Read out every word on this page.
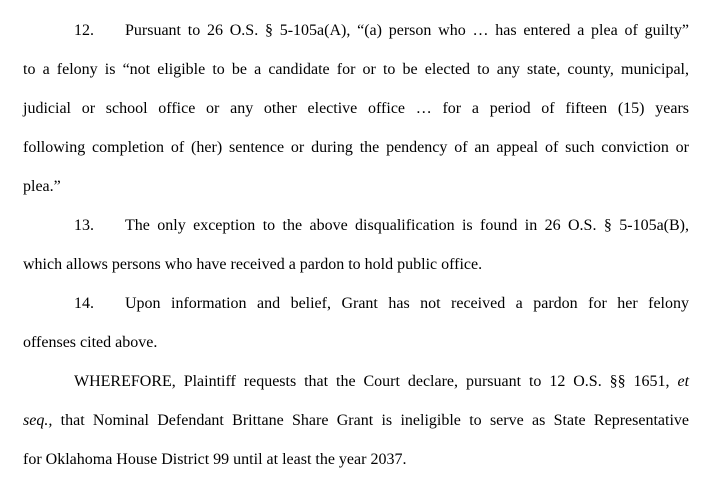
12. Pursuant to 26 O.S. § 5-105a(A), “(a) person who … has entered a plea of guilty”
to a felony is “not eligible to be a candidate for or to be elected to any state, county, municipal,
judicial or school office or any other elective office … for a period of fifteen (15) years
following completion of (her) sentence or during the pendency of an appeal of such conviction or
plea.”
13. The only exception to the above disqualification is found in 26 O.S. § 5-105a(B),
which allows persons who have received a pardon to hold public office.
14. Upon information and belief, Grant has not received a pardon for her felony
offenses cited above.
WHEREFORE, Plaintiff requests that the Court declare, pursuant to 12 O.S. §§ 1651, et
seq., that Nominal Defendant Brittane Share Grant is ineligible to serve as State Representative
for Oklahoma House District 99 until at least the year 2037.
